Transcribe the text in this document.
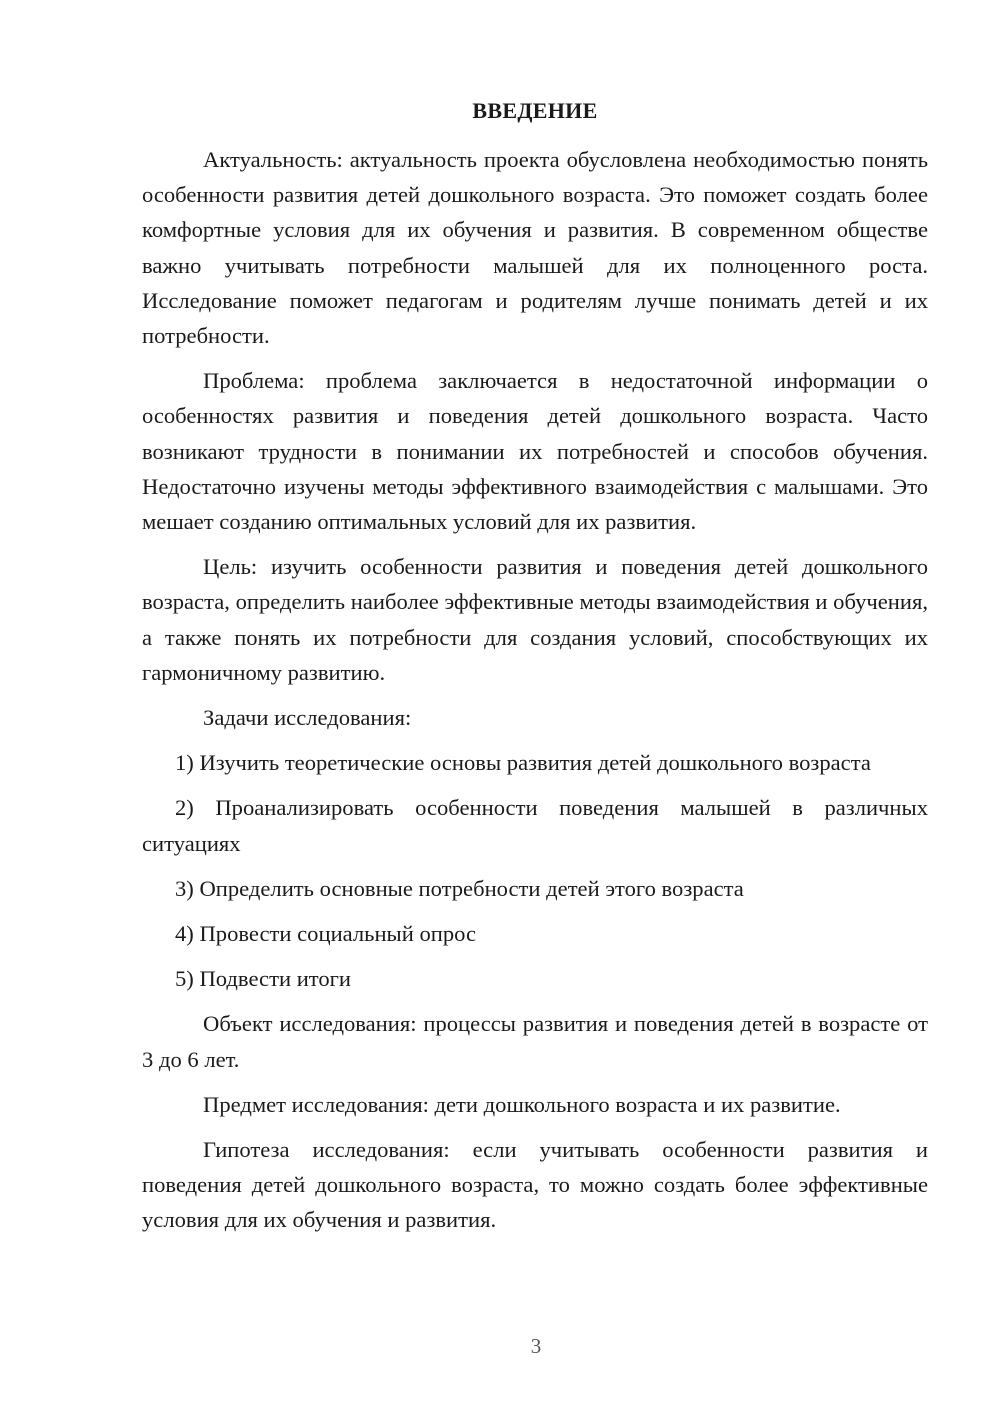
ВВЕДЕНИЕ

Актуальность: актуальность проекта обусловлена необходимостью понять особенности развития детей дошкольного возраста. Это поможет создать более комфортные условия для их обучения и развития. В современном обществе важно учитывать потребности малышей для их полноценного роста. Исследование поможет педагогам и родителям лучше понимать детей и их потребности.

Проблема: проблема заключается в недостаточной информации о особенностях развития и поведения детей дошкольного возраста. Часто возникают трудности в понимании их потребностей и способов обучения. Недостаточно изучены методы эффективного взаимодействия с малышами. Это мешает созданию оптимальных условий для их развития.

Цель: изучить особенности развития и поведения детей дошкольного возраста, определить наиболее эффективные методы взаимодействия и обучения, а также понять их потребности для создания условий, способствующих их гармоничному развитию.

Задачи исследования:

1) Изучить теоретические основы развития детей дошкольного возраста

2) Проанализировать особенности поведения малышей в различных ситуациях

3) Определить основные потребности детей этого возраста

4) Провести социальный опрос

5) Подвести итоги

Объект исследования: процессы развития и поведения детей в возрасте от 3 до 6 лет.

Предмет исследования: дети дошкольного возраста и их развитие.

Гипотеза исследования: если учитывать особенности развития и поведения детей дошкольного возраста, то можно создать более эффективные условия для их обучения и развития.

3
